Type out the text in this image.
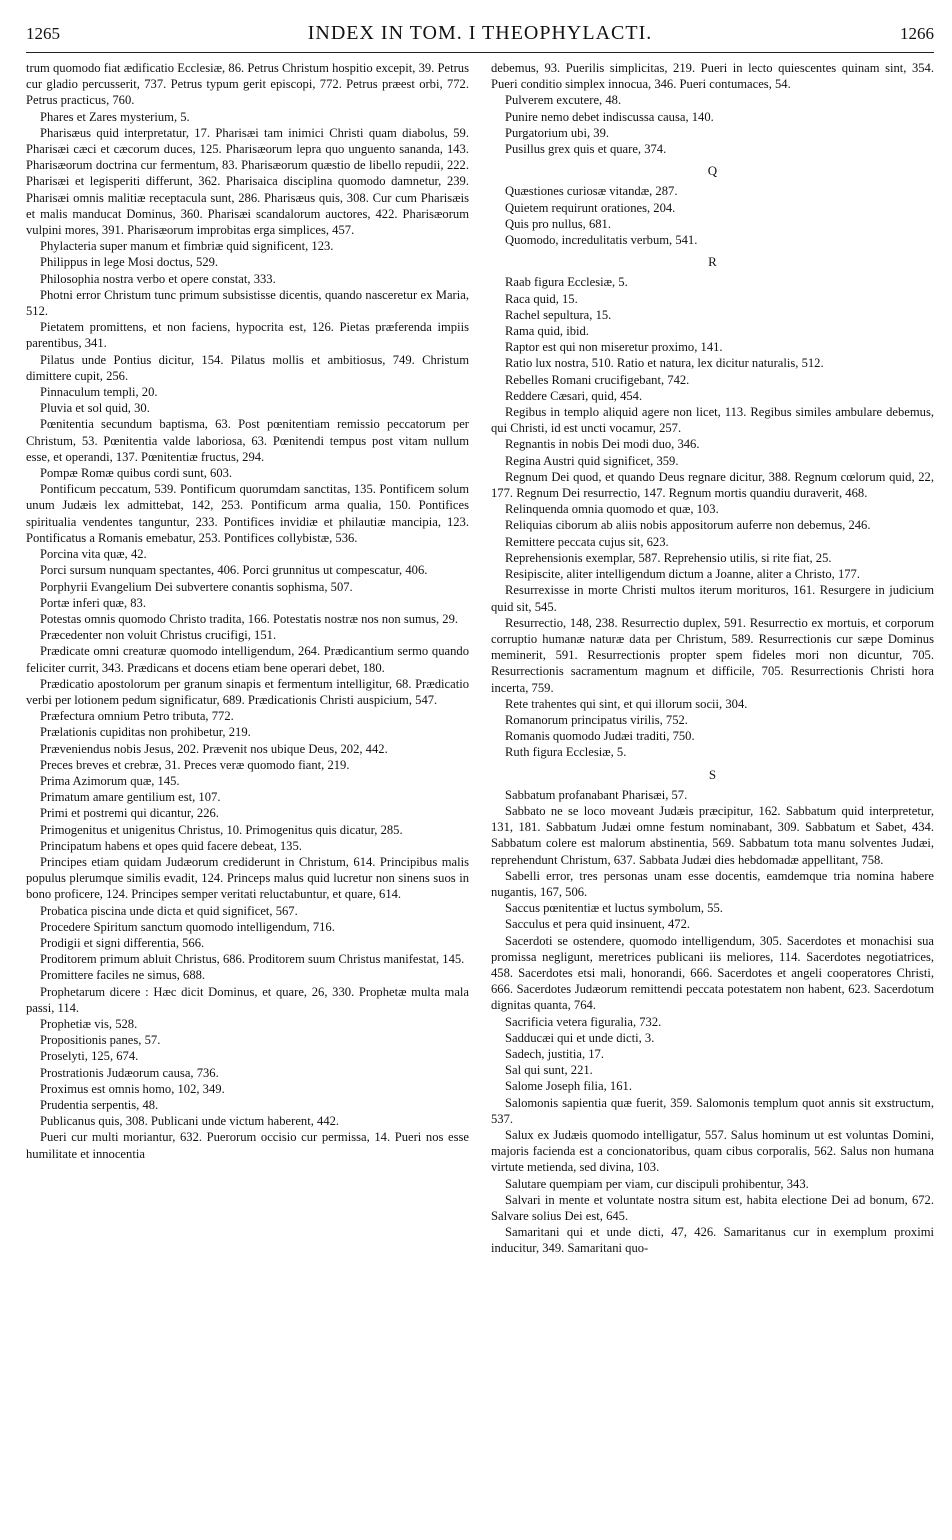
1265	INDEX IN TOM. I THEOPHYLACTI.	1266

trum quomodo fiat ædificatio Ecclesiæ, 86. Petrus Christum hospitio excepit, 39. Petrus cur gladio percusserit, 737. Petrus typum gerit episcopi, 772. Petrus præest orbi, 772. Petrus practicus, 760.

Phares et Zares mysterium, 5.

Pharisæus quid interpretatur, 17. Pharisæi tam inimici Christi quam diabolus, 59. Pharisæi cæci et cæcorum duces, 125. Pharisæorum lepra quo unguento sananda, 143. Pharisæorum doctrina cur fermentum, 83. Pharisæorum quæstio de libello repudii, 222. Pharisæi et legisperiti differunt, 362. Pharisaica disciplina quomodo damnetur, 239. Pharisæi omnis malitiæ receptacula sunt, 286. Pharisæus quis, 308. Cur cum Pharisæis et malis manducat Dominus, 360. Pharisæi scandalorum auctores, 422. Pharisæorum vulpini mores, 391. Pharisæorum improbitas erga simplices, 457.

Phylacteria super manum et fimbriæ quid significent, 123.

Philippus in lege Mosi doctus, 529.

Philosophia nostra verbo et opere constat, 333.

Photni error Christum tunc primum subsistisse dicentis, quando nasceretur ex Maria, 512.

Pietatem promittens, et non faciens, hypocrita est, 126. Pietas præferenda impiis parentibus, 341.

Pilatus unde Pontius dicitur, 154. Pilatus mollis et ambitiosus, 749. Christum dimittere cupit, 256.

Pinnaculum templi, 20.

Pluvia et sol quid, 30.

Pœnitentia secundum baptisma, 63. Post pœnitentiam remissio peccatorum per Christum, 53. Pœnitentia valde laboriosa, 63. Pœnitendi tempus post vitam nullum esse, et operandi, 137. Pœnitentiæ fructus, 294.

Pompæ Romæ quibus cordi sunt, 603.

Pontificum peccatum, 539. Pontificum quorumdam sanctitas, 135. Pontificem solum unum Judæis lex admittebat, 142, 253. Pontificum arma qualia, 150. Pontifices spiritualia vendentes tanguntur, 233. Pontifices invidiæ et philautiæ mancipia, 123. Pontificatus a Romanis emebatur, 253. Pontifices collybistæ, 536.

Porcina vita quæ, 42.

Porci sursum nunquam spectantes, 406. Porci grunnitus ut compescatur, 406.

Porphyrii Evangelium Dei subvertere conantis sophisma, 507.

Portæ inferi quæ, 83.

Potestas omnis quomodo Christo tradita, 166. Potestatis nostræ nos non sumus, 29.

Præcedenter non voluit Christus crucifigi, 151.

Prædicate omni creaturæ quomodo intelligendum, 264. Prædicantium sermo quando feliciter currit, 343. Prædicans et docens etiam bene operari debet, 180.

Prædicatio apostolorum per granum sinapis et fermentum intelligitur, 68. Prædicatio verbi per lotionem pedum significatur, 689. Prædicationis Christi auspicium, 547.

Præfectura omnium Petro tributa, 772.

Prælationis cupiditas non prohibetur, 219.

Præveniendus nobis Jesus, 202. Prævenit nos ubique Deus, 202, 442.

Preces breves et crebræ, 31. Preces veræ quomodo fiant, 219.

Prima Azimorum quæ, 145.

Primatum amare gentilium est, 107.

Primi et postremi qui dicantur, 226.

Primogenitus et unigenitus Christus, 10. Primogenitus quis dicatur, 285.

Principatum habens et opes quid facere debeat, 135.

Principes etiam quidam Judæorum crediderunt in Christum, 614. Principibus malis populus plerumque similis evadit, 124. Princeps malus quid lucretur non sinens suos in bono proficere, 124. Principes semper veritati reluctabuntur, et quare, 614.

Probatica piscina unde dicta et quid significet, 567.

Procedere Spiritum sanctum quomodo intelligendum, 716.

Prodigii et signi differentia, 566.

Proditorem primum abluit Christus, 686. Proditorem suum Christus manifestat, 145.

Promittere faciles ne simus, 688.

Prophetarum dicere : Hæc dicit Dominus, et quare, 26, 330. Prophetæ multa mala passi, 114.

Prophetiæ vis, 528.

Propositionis panes, 57.

Proselyti, 125, 674.

Prostrationis Judæorum causa, 736.

Proximus est omnis homo, 102, 349.

Prudentia serpentis, 48.

Publicanus quis, 308. Publicani unde victum haberent, 442.

Pueri cur multi moriantur, 632. Puerorum occisio cur permissa, 14. Pueri nos esse humilitate et innocentia

debemus, 93. Puerilis simplicitas, 219. Pueri in lecto quiescentes quinam sint, 354. Pueri conditio simplex innocua, 346. Pueri contumaces, 54.

Pulverem excutere, 48.

Punire nemo debet indiscussa causa, 140.

Purgatorium ubi, 39.

Pusillus grex quis et quare, 374.

Q

Quæstiones curiosæ vitandæ, 287.

Quietem requirunt orationes, 204.

Quis pro nullus, 681.

Quomodo, incredulitatis verbum, 541.

R

Raab figura Ecclesiæ, 5.

Raca quid, 15.

Rachel sepultura, 15.

Rama quid, ibid.

Raptor est qui non miseretur proximo, 141.

Ratio lux nostra, 510. Ratio et natura, lex dicitur naturalis, 512.

Rebelles Romani crucifigebant, 742.

Reddere Cæsari, quid, 454.

Regibus in templo aliquid agere non licet, 113. Regibus similes ambulare debemus, qui Christi, id est uncti vocamur, 257.

Regnantis in nobis Dei modi duo, 346.

Regina Austri quid significet, 359.

Regnum Dei quod, et quando Deus regnare dicitur, 388. Regnum cœlorum quid, 22, 177. Regnum Dei resurrectio, 147. Regnum mortis quandiu duraverit, 468.

Relinquenda omnia quomodo et quæ, 103.

Reliquias ciborum ab aliis nobis appositorum auferre non debemus, 246.

Remittere peccata cujus sit, 623.

Reprehensionis exemplar, 587. Reprehensio utilis, si rite fiat, 25.

Resipiscite, aliter intelligendum dictum a Joanne, aliter a Christo, 177.

Resurrexisse in morte Christi multos iterum morituros, 161. Resurgere in judicium quid sit, 545.

Resurrectio, 148, 238. Resurrectio duplex, 591. Resurrectio ex mortuis, et corporum corruptio humanæ naturæ data per Christum, 589. Resurrectionis cur sæpe Dominus meminerit, 591. Resurrectionis propter spem fideles mori non dicuntur, 705. Resurrectionis sacramentum magnum et difficile, 705. Resurrectionis Christi hora incerta, 759.

Rete trahentes qui sint, et qui illorum socii, 304.

Romanorum principatus virilis, 752.

Romanis quomodo Judæi traditi, 750.

Ruth figura Ecclesiæ, 5.

S

Sabbatum profanabant Pharisæi, 57.

Sabbato ne se loco moveant Judæis præcipitur, 162. Sabbatum quid interpretetur, 131, 181. Sabbatum Judæi omne festum nominabant, 309. Sabbatum et Sabet, 434. Sabbatum colere est malorum abstinentia, 569. Sabbatum tota manu solventes Judæi, reprehendunt Christum, 637. Sabbata Judæi dies hebdomadæ appellitant, 758.

Sabelli error, tres personas unam esse docentis, eamdemque tria nomina habere nugantis, 167, 506.

Saccus pœnitentiæ et luctus symbolum, 55.

Sacculus et pera quid insinuent, 472.

Sacerdoti se ostendere, quomodo intelligendum, 305. Sacerdotes et monachisi sua promissa negligunt, meretrices publicani iis meliores, 114. Sacerdotes negotiatrices, 458. Sacerdotes etsi mali, honorandi, 666. Sacerdotes et angeli cooperatores Christi, 666. Sacerdotes Judæorum remittendi peccata potestatem non habent, 623. Sacerdotum dignitas quanta, 764.

Sacrificia vetera figuralia, 732.

Sadducæi qui et unde dicti, 3.

Sadech, justitia, 17.

Sal qui sunt, 221.

Salome Joseph filia, 161.

Salomonis sapientia quæ fuerit, 359. Salomonis templum quot annis sit exstructum, 537.

Salux ex Judæis quomodo intelligatur, 557. Salus hominum ut est voluntas Domini, majoris facienda est a concionatoribus, quam cibus corporalis, 562. Salus non humana virtute metienda, sed divina, 103.

Salutare quempiam per viam, cur discipuli prohibentur, 343.

Salvari in mente et voluntate nostra situm est, habita electione Dei ad bonum, 672. Salvare solius Dei est, 645.

Samaritani qui et unde dicti, 47, 426. Samaritanus cur in exemplum proximi inducitur, 349. Samaritani quo-
